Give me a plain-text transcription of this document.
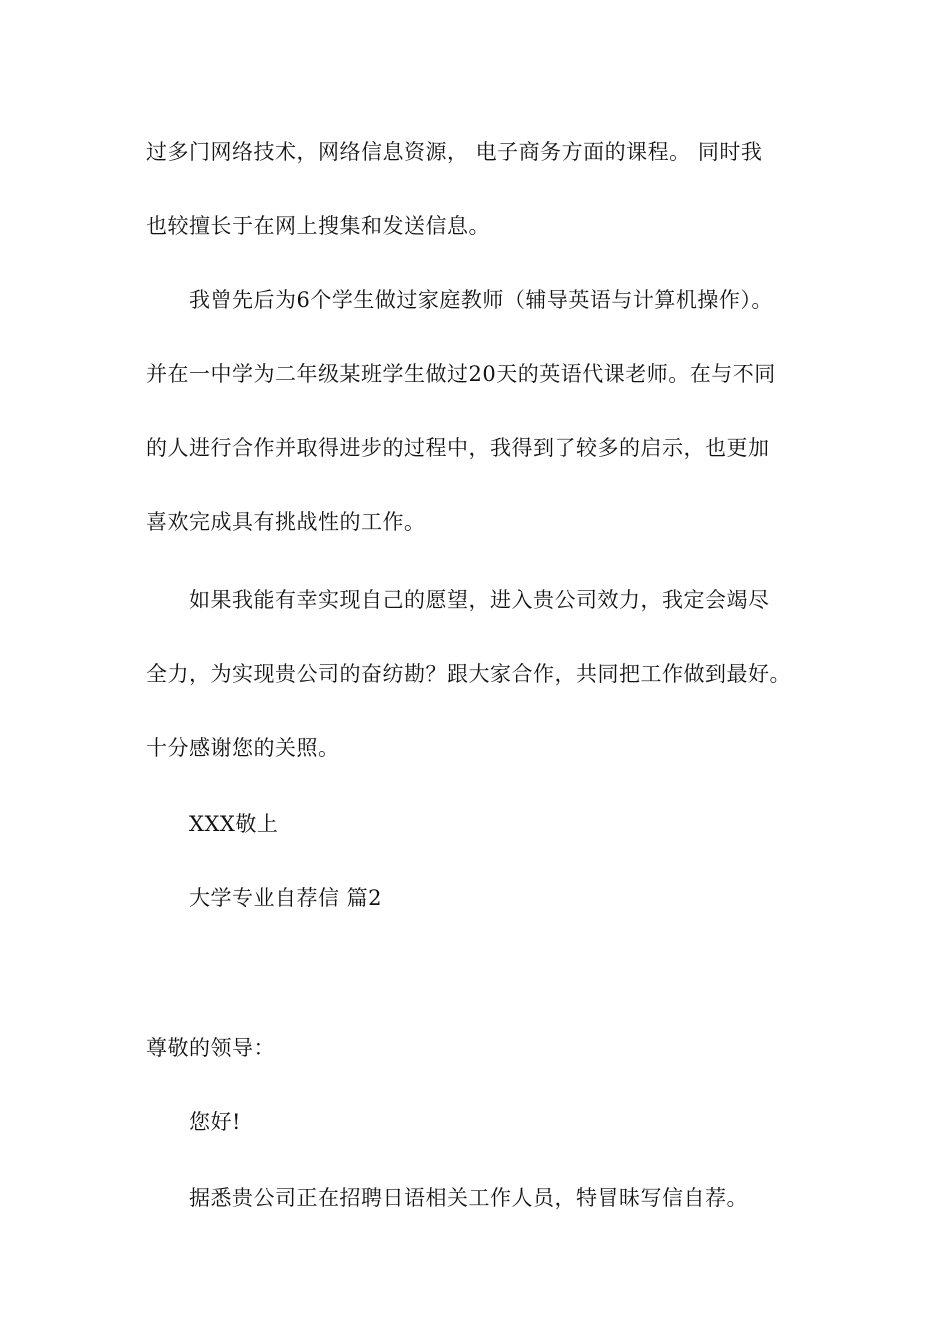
过多门网络技术，网络信息资源， 电子商务方面的课程。 同时我
也较擅长于在网上搜集和发送信息。
我曾先后为6个学生做过家庭教师（辅导英语与计算机操作）。
并在一中学为二年级某班学生做过20天的英语代课老师。在与不同
的人进行合作并取得进步的过程中，我得到了较多的启示，也更加
喜欢完成具有挑战性的工作。
如果我能有幸实现自己的愿望，进入贵公司效力，我定会竭尽
全力，为实现贵公司的奋纺勘？跟大家合作，共同把工作做到最好。
十分感谢您的关照。
XXX敬上
大学专业自荐信 篇2
尊敬的领导：
您好!
据悉贵公司正在招聘日语相关工作人员，特冒昧写信自荐。
